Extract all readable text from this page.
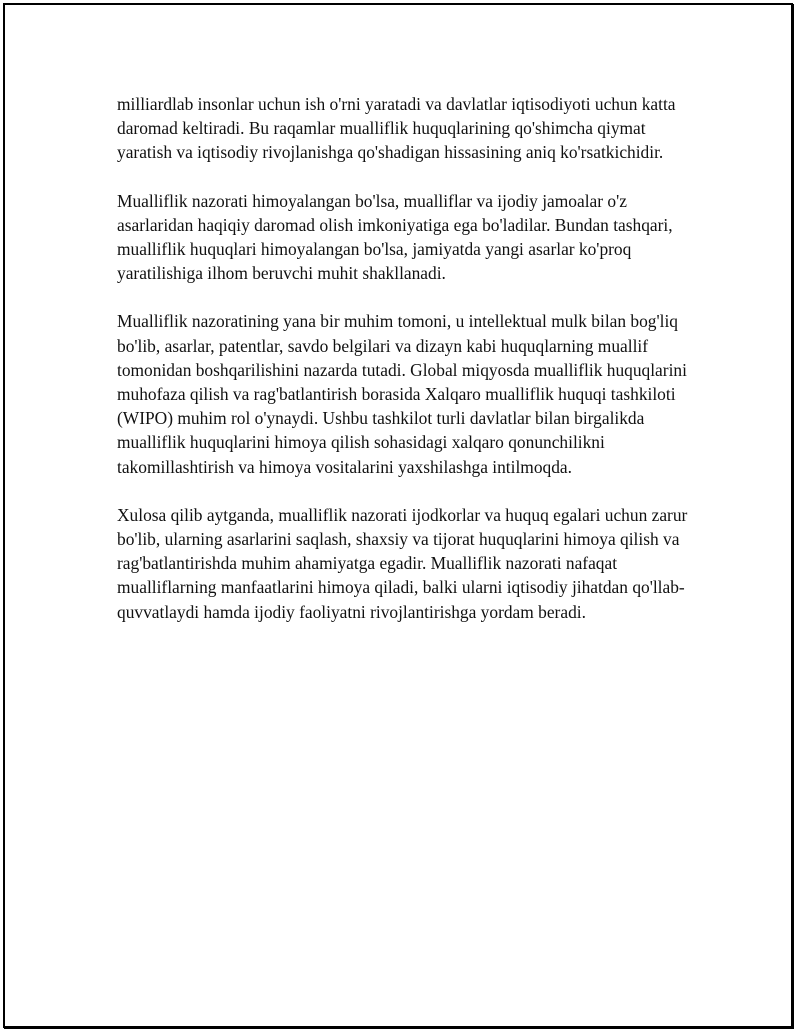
milliardlab insonlar uchun ish o'rni yaratadi va davlatlar iqtisodiyoti uchun katta daromad keltiradi. Bu raqamlar mualliflik huquqlarining qo'shimcha qiymat yaratish va iqtisodiy rivojlanishga qo'shadigan hissasining aniq ko'rsatkichidir.

Mualliflik nazorati himoyalangan bo'lsa, mualliflar va ijodiy jamoalar o'z asarlaridan haqiqiy daromad olish imkoniyatiga ega bo'ladilar. Bundan tashqari, mualliflik huquqlari himoyalangan bo'lsa, jamiyatda yangi asarlar ko'proq yaratilishiga ilhom beruvchi muhit shakllanadi.

Mualliflik nazoratining yana bir muhim tomoni, u intellektual mulk bilan bog'liq bo'lib, asarlar, patentlar, savdo belgilari va dizayn kabi huquqlarning muallif tomonidan boshqarilishini nazarda tutadi. Global miqyosda mualliflik huquqlarini muhofaza qilish va rag'batlantirish borasida Xalqaro mualliflik huquqi tashkiloti (WIPO) muhim rol o'ynaydi. Ushbu tashkilot turli davlatlar bilan birgalikda mualliflik huquqlarini himoya qilish sohasidagi xalqaro qonunchilikni takomillashtirish va himoya vositalarini yaxshilashga intilmoqda.

Xulosa qilib aytganda, mualliflik nazorati ijodkorlar va huquq egalari uchun zarur bo'lib, ularning asarlarini saqlash, shaxsiy va tijorat huquqlarini himoya qilish va rag'batlantirishda muhim ahamiyatga egadir. Mualliflik nazorati nafaqat mualliflarning manfaatlarini himoya qiladi, balki ularni iqtisodiy jihatdan qo'llab-quvvatlaydi hamda ijodiy faoliyatni rivojlantirishga yordam beradi.
